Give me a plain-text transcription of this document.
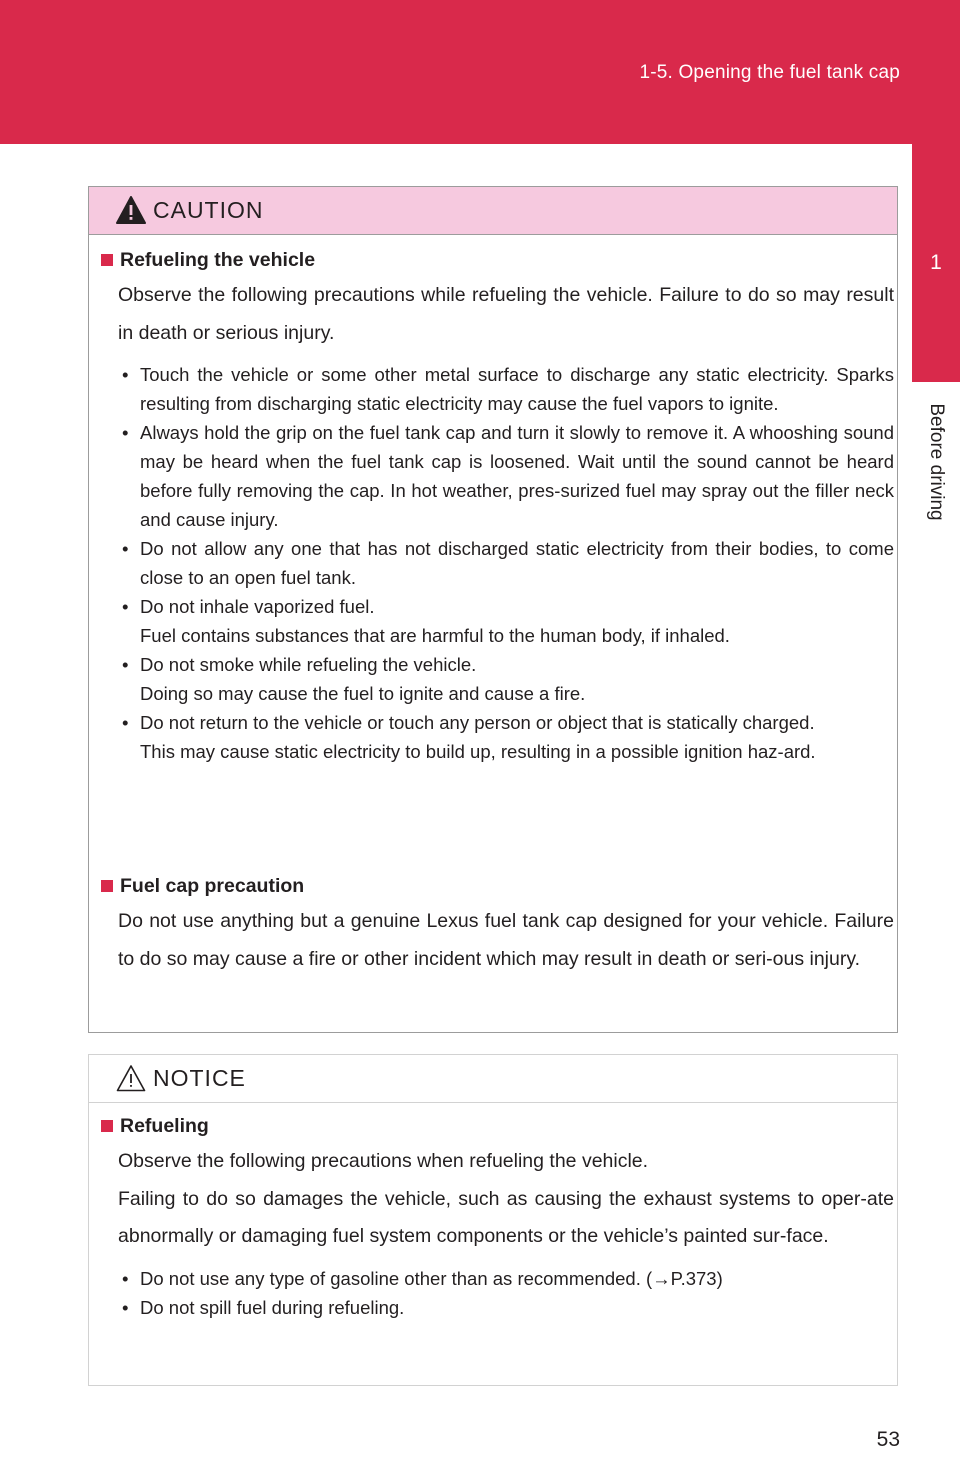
1-5. Opening the fuel tank cap
1
Before driving
CAUTION
Refueling the vehicle
Observe the following precautions while refueling the vehicle. Failure to do so may result in death or serious injury.
• Touch the vehicle or some other metal surface to discharge any static electricity. Sparks resulting from discharging static electricity may cause the fuel vapors to ignite.
• Always hold the grip on the fuel tank cap and turn it slowly to remove it. A whooshing sound may be heard when the fuel tank cap is loosened. Wait until the sound cannot be heard before fully removing the cap. In hot weather, pres-surized fuel may spray out the filler neck and cause injury.
• Do not allow any one that has not discharged static electricity from their bodies, to come close to an open fuel tank.
• Do not inhale vaporized fuel.
Fuel contains substances that are harmful to the human body, if inhaled.
• Do not smoke while refueling the vehicle.
Doing so may cause the fuel to ignite and cause a fire.
• Do not return to the vehicle or touch any person or object that is statically charged.
This may cause static electricity to build up, resulting in a possible ignition haz-ard.
Fuel cap precaution
Do not use anything but a genuine Lexus fuel tank cap designed for your vehicle. Failure to do so may cause a fire or other incident which may result in death or seri-ous injury.
NOTICE
Refueling
Observe the following precautions when refueling the vehicle.
Failing to do so damages the vehicle, such as causing the exhaust systems to oper-ate abnormally or damaging fuel system components or the vehicle’s painted sur-face.
• Do not use any type of gasoline other than as recommended. (→P.373)
• Do not spill fuel during refueling.
53
